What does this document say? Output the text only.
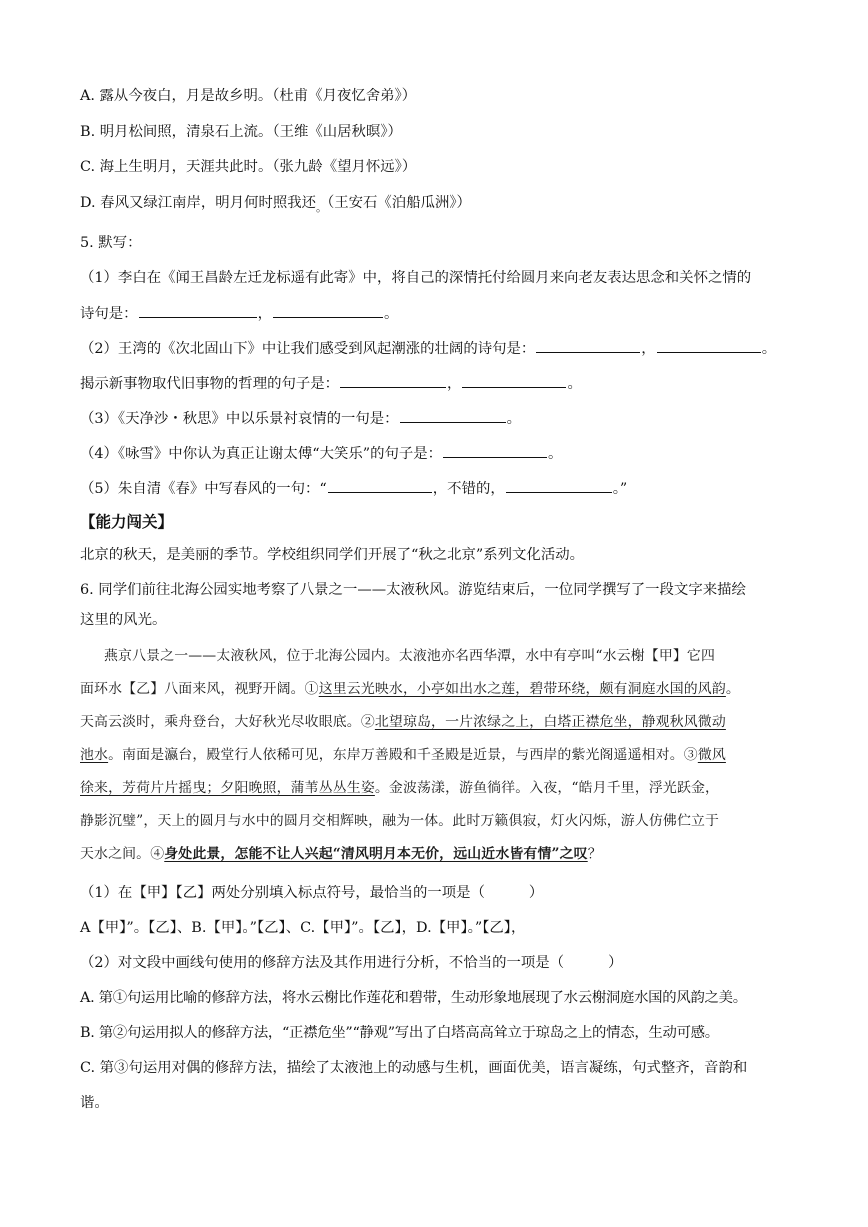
A. 露从今夜白，月是故乡明。（杜甫《月夜忆舍弟》）
B. 明月松间照，清泉石上流。（王维《山居秋暝》）
C. 海上生明月，天涯共此时。（张九龄《望月怀远》）
D. 春风又绿江南岸，明月何时照我还$_。$（王安石《泊船瓜洲》）
5. 默写：
（1）李白在《闻王昌龄左迁龙标遥有此寄》中，将自己的深情托付给圆月来向老友表达思念和关怀之情的
诗句是：	，	。
（2）王湾的《次北固山下》中让我们感受到风起潮涨的壮阔的诗句是：	，	。
揭示新事物取代旧事物的哲理的句子是：	，	。
（3）《天净沙・秋思》中以乐景衬哀情的一句是：	。
（4）《咏雪》中你认为真正让谢太傅“大笑乐”的句子是：	。
（5）朱自清《春》中写春风的一句：“	，不错的，	。”
【能力闯关】
北京的秋天，是美丽的季节。学校组织同学们开展了“秋之北京”系列文化活动。
6. 同学们前往北海公园实地考察了八景之一——太液秋风。游览结束后，一位同学撰写了一段文字来描绘
这里的风光。
燕京八景之一——太液秋风，位于北海公园内。太液池亦名西华潭，水中有亭叫“水云榭【甲】它四
面环水【乙】八面来风，视野开阔。①这里云光映水，小亭如出水之莲，碧带环绕，颇有洞庭水国的风韵。
天高云淡时，乘舟登台，大好秋光尽收眼底。②北望琼岛，一片浓绿之上，白塔正襟危坐，静观秋风微动
池水。南面是瀛台，殿堂行人依稀可见，东岸万善殿和千圣殿是近景，与西岸的紫光阁遥遥相对。③微风
徐来，芳荷片片摇曳；夕阳晚照，蒲苇丛丛生姿。金波荡漾，游鱼徜徉。入夜，“皓月千里，浮光跃金，
静影沉璧”，天上的圆月与水中的圆月交相辉映，融为一体。此时万籁俱寂，灯火闪烁，游人仿佛伫立于
天水之间。④身处此景，怎能不让人兴起“清风明月本无价，远山近水皆有情”之叹？
（1）在【甲】【乙】两处分别填入标点符号，最恰当的一项是（	）
A【甲】”。【乙】、B.【甲】。”【乙】、C.【甲】”。【乙】，D.【甲】。”【乙】，
（2）对文段中画线句使用的修辞方法及其作用进行分析，不恰当的一项是（	）
A. 第①句运用比喻的修辞方法，将水云榭比作莲花和碧带，生动形象地展现了水云榭洞庭水国的风韵之美。
B. 第②句运用拟人的修辞方法，“正襟危坐”“静观”写出了白塔高高耸立于琼岛之上的情态，生动可感。
C. 第③句运用对偶的修辞方法，描绘了太液池上的动感与生机，画面优美，语言凝练，句式整齐，音韵和
谐。
